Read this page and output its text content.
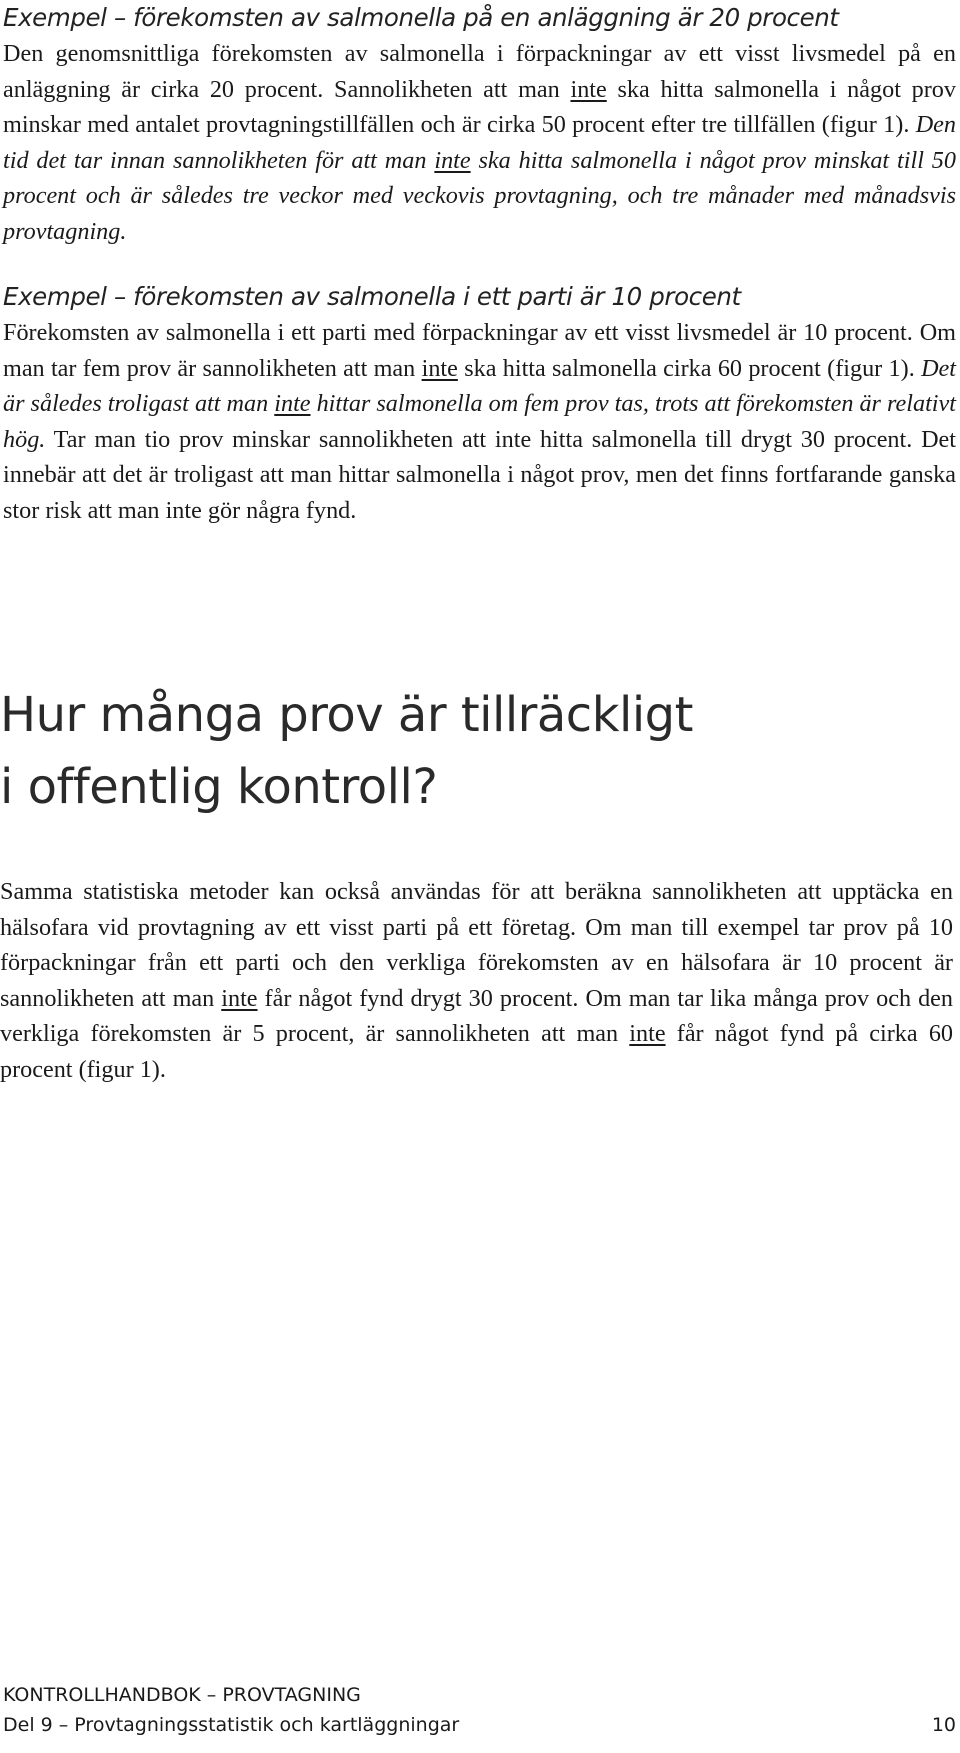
Exempel – förekomsten av salmonella på en anläggning är 20 procent

Den genomsnittliga förekomsten av salmonella i förpackningar av ett visst livsmedel på en anläggning är cirka 20 procent. Sannolikheten att man inte ska hitta salmonella i något prov minskar med antalet provtagningstillfällen och är cirka 50 procent efter tre tillfällen (figur 1). Den tid det tar innan sannolikheten för att man inte ska hitta salmonella i något prov minskat till 50 procent och är således tre veckor med veckovis provtagning, och tre månader med månadsvis provtagning.

Exempel – förekomsten av salmonella i ett parti är 10 procent

Förekomsten av salmonella i ett parti med förpackningar av ett visst livsmedel är 10 procent. Om man tar fem prov är sannolikheten att man inte ska hitta salmonella cirka 60 procent (figur 1). Det är således troligast att man inte hittar salmonella om fem prov tas, trots att förekomsten är relativt hög. Tar man tio prov minskar sannolikheten att inte hitta salmonella till drygt 30 procent. Det innebär att det är troligast att man hittar salmonella i något prov, men det finns fortfarande ganska stor risk att man inte gör några fynd.

Hur många prov är tillräckligt
i offentlig kontroll?

Samma statistiska metoder kan också användas för att beräkna sannolikheten att upptäcka en hälsofara vid provtagning av ett visst parti på ett företag. Om man till exempel tar prov på 10 förpackningar från ett parti och den verkliga förekomsten av en hälsofara är 10 procent är sannolikheten att man inte får något fynd drygt 30 procent. Om man tar lika många prov och den verkliga förekomsten är 5 procent, är sannolikheten att man inte får något fynd på cirka 60 procent (figur 1).

KONTROLLHANDBOK – PROVTAGNING
Del 9 – Provtagningsstatistik och kartläggningar	10
